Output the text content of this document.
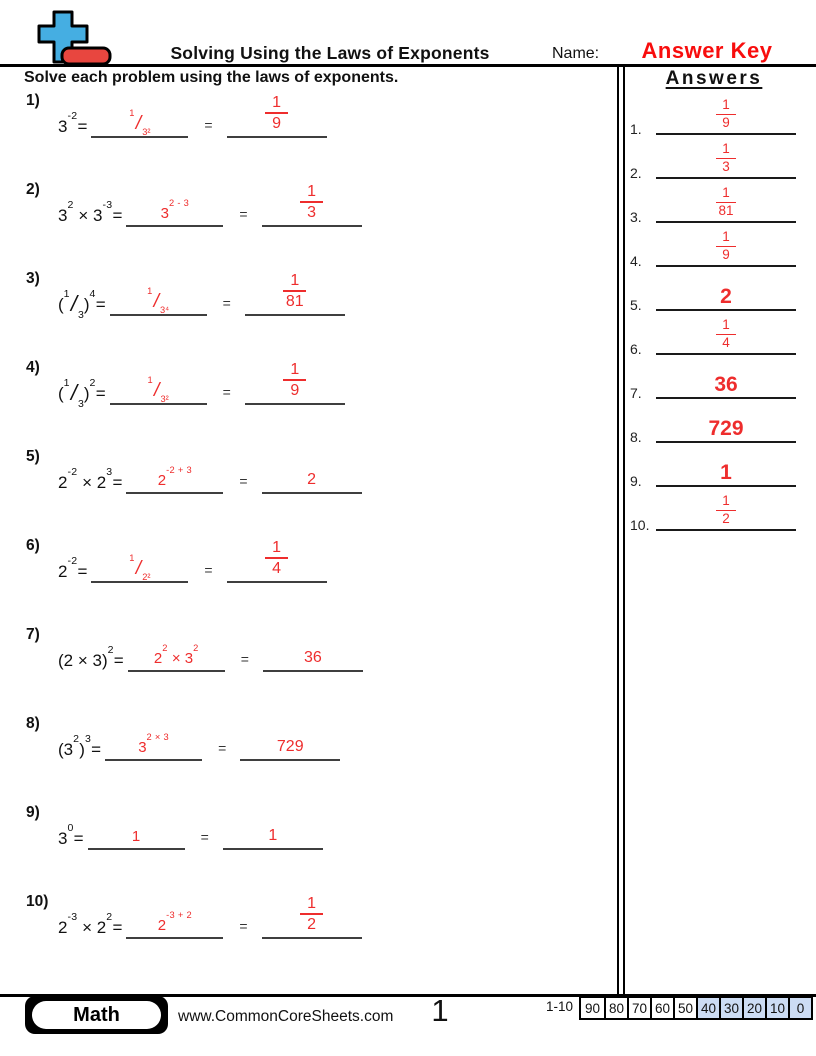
Solving Using the Laws of Exponents	Name:	Answer Key
Solve each problem using the laws of exponents.
1)
$3^{-2}=$
$^1/_{3^2}$	=	$\frac{1}{9}$
2)
$3^2 \times 3^{-3}=$	$3^{2 - 3}$
=	$\frac{1}{3}$
3)
$(^1/_3)^4=$
$^1/_{3^4}$	=	$\frac{1}{81}$
4)
$(^1/_3)^2=$
$^1/_{3^2}$	=	$\frac{1}{9}$
5)
$2^{-2} \times 2^3=$	$2^{-2 + 3}$
=	2
6)
$2^{-2}=$
$^1/_{2^2}$	=	$\frac{1}{4}$
7)
$(2 \times 3)^2=$	$2^2 \times 3^2$
=	36
8)
$(3^2)^3=$	$3^{2 \times 3}$
=	729
9)
$3^0=$	1	=	1
10)
$2^{-3} \times 2^2=$	$2^{-3 + 2}$
=	$\frac{1}{2}$
Answers
1.	$\frac{1}{9}$
2.	$\frac{1}{3}$
3.	$\frac{1}{81}$
4.	$\frac{1}{9}$
5.	2
6.	$\frac{1}{4}$
7.	36
8.	729
9.	1
10.	$\frac{1}{2}$
Math	www.CommonCoreSheets.com	1	1-10 90 80 70 60 50 40 30 20 10 0
